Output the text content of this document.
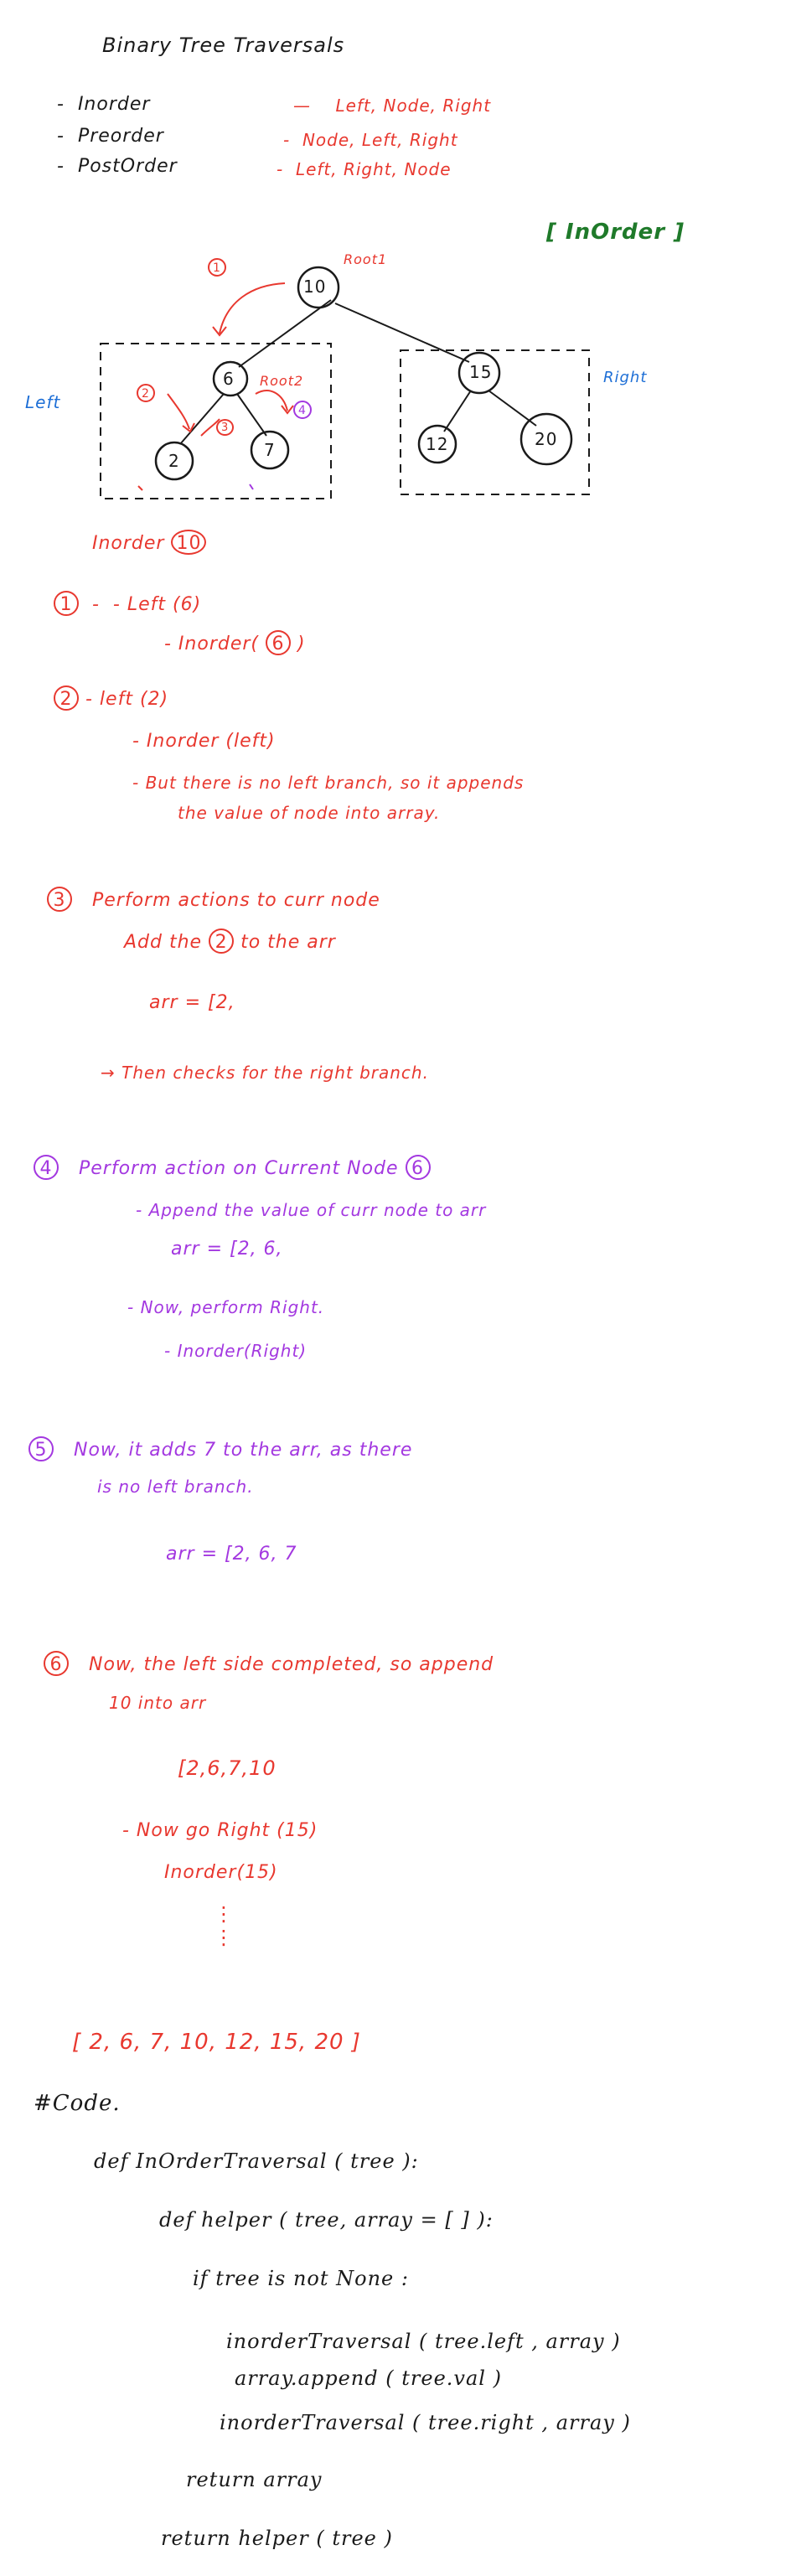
Binary Tree Traversals
-  Inorder	—    Left, Node, Right
-  Preorder	-  Node, Left, Right
-  PostOrder	-  Left, Right, Node
[ InOrder ]
10
6	15
2
7	12	20
Root1
Root2
Left
Right
1
2
3
4
Inorder 10
1  -  - Left (6)
- Inorder( 6 )
2 - left (2)
- Inorder (left)
- But there is no left branch, so it appends
the value of node into array.
3 Perform actions to curr node
Add the 2 to the arr
arr = [2,
→ Then checks for the right branch.
4 Perform action on Current Node 6
- Append the value of curr node to arr
arr = [2, 6,
- Now, perform Right.
- Inorder(Right)
5 Now, it adds 7 to the arr, as there
is no left branch.
arr = [2, 6, 7
6 Now, the left side completed, so append
10 into arr
[2,6,7,10
- Now go Right (15)
Inorder(15)
⋮
⋮
[ 2, 6, 7, 10, 12, 15, 20 ]
#Code.
def InOrderTraversal ( tree ):
def helper ( tree, array = [ ] ):
if tree is not None :
inorderTraversal ( tree.left , array )
array.append ( tree.val )
inorderTraversal ( tree.right , array )
return array
return helper ( tree )
